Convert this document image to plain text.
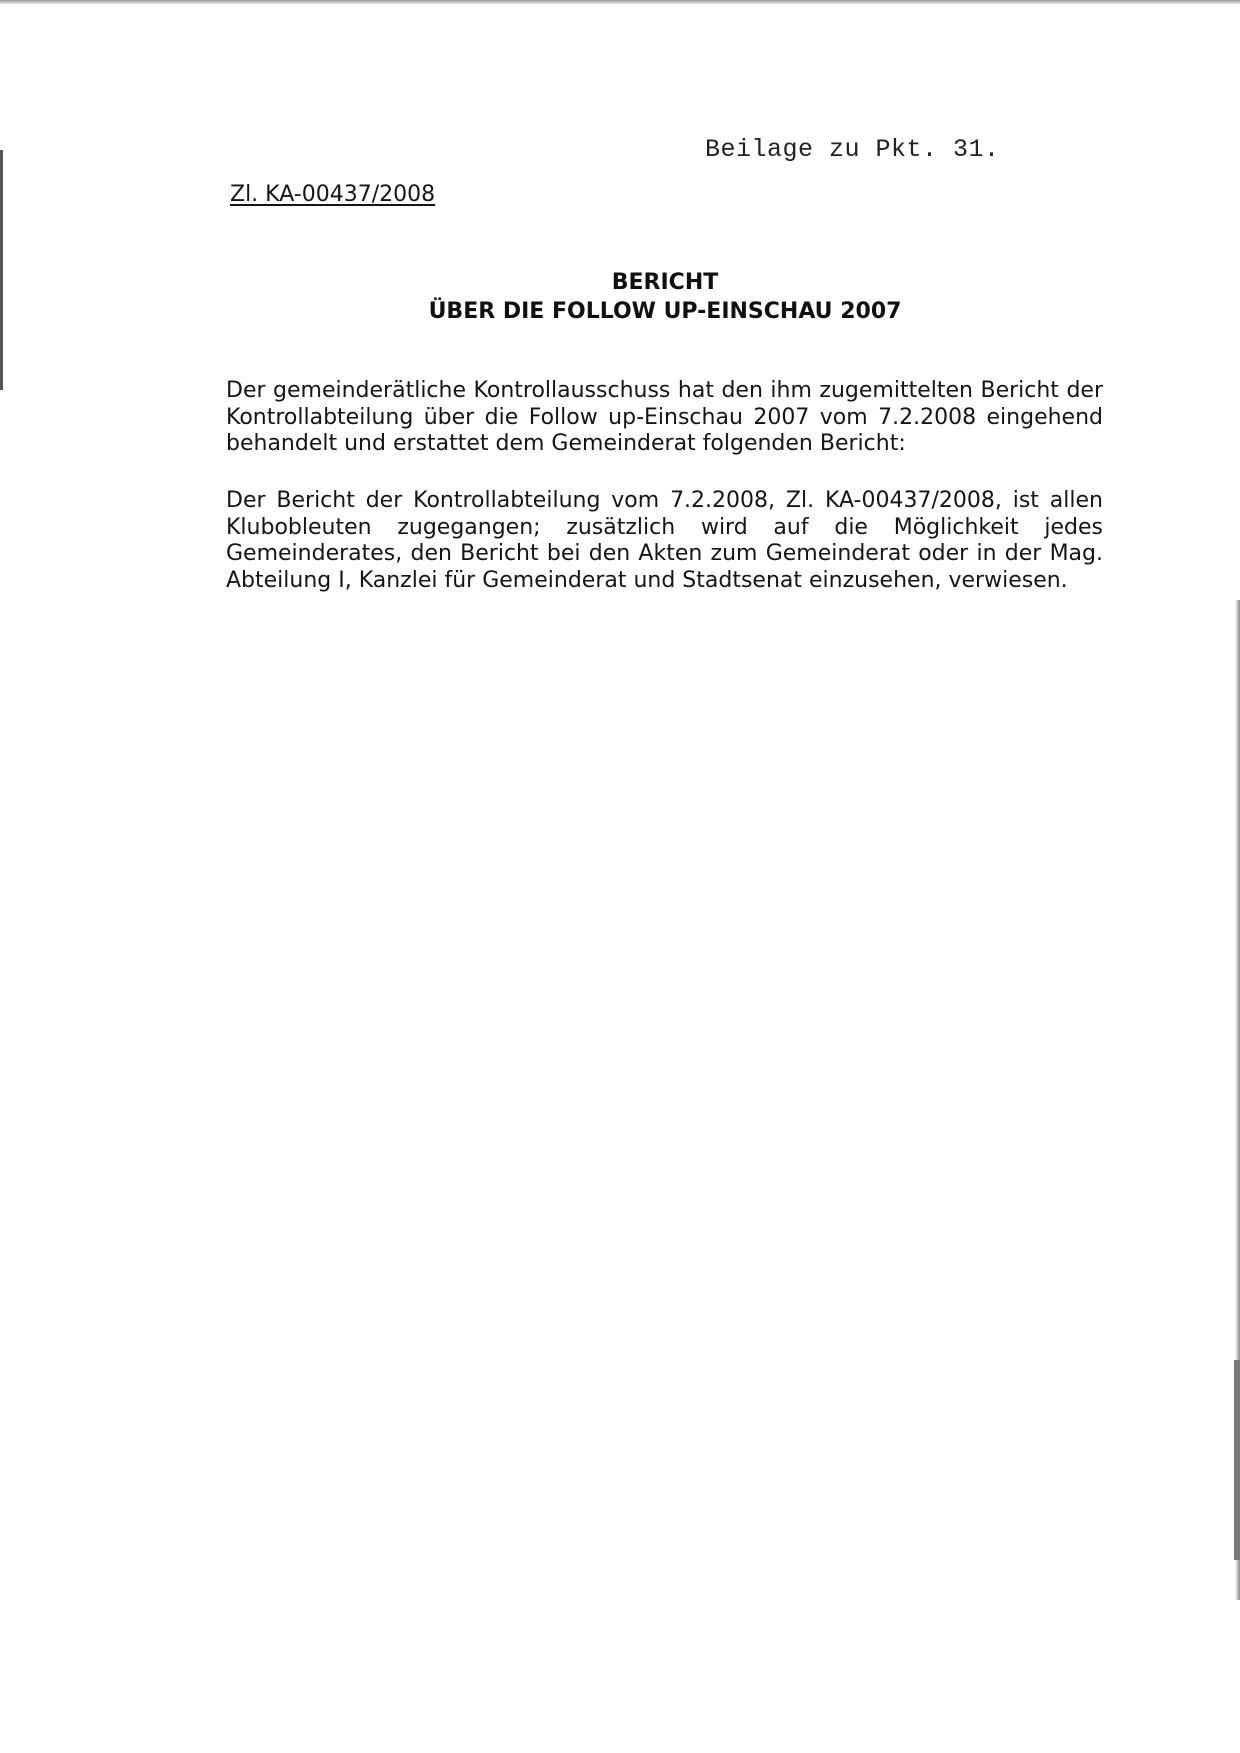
Beilage zu Pkt. 31.
Zl. KA-00437/2008
BERICHT
ÜBER DIE FOLLOW UP-EINSCHAU 2007
Der gemeinderätliche Kontrollausschuss hat den ihm zugemittelten Bericht der Kontrollabteilung über die Follow up-Einschau 2007 vom 7.2.2008 eingehend behandelt und erstattet dem Gemeinderat folgenden Bericht:
Der Bericht der Kontrollabteilung vom 7.2.2008, Zl. KA-00437/2008, ist allen Klubobleuten zugegangen; zusätzlich wird auf die Möglichkeit jedes Gemeinderates, den Bericht bei den Akten zum Gemeinderat oder in der Mag. Abteilung I, Kanzlei für Gemeinderat und Stadtsenat einzusehen, verwiesen.
